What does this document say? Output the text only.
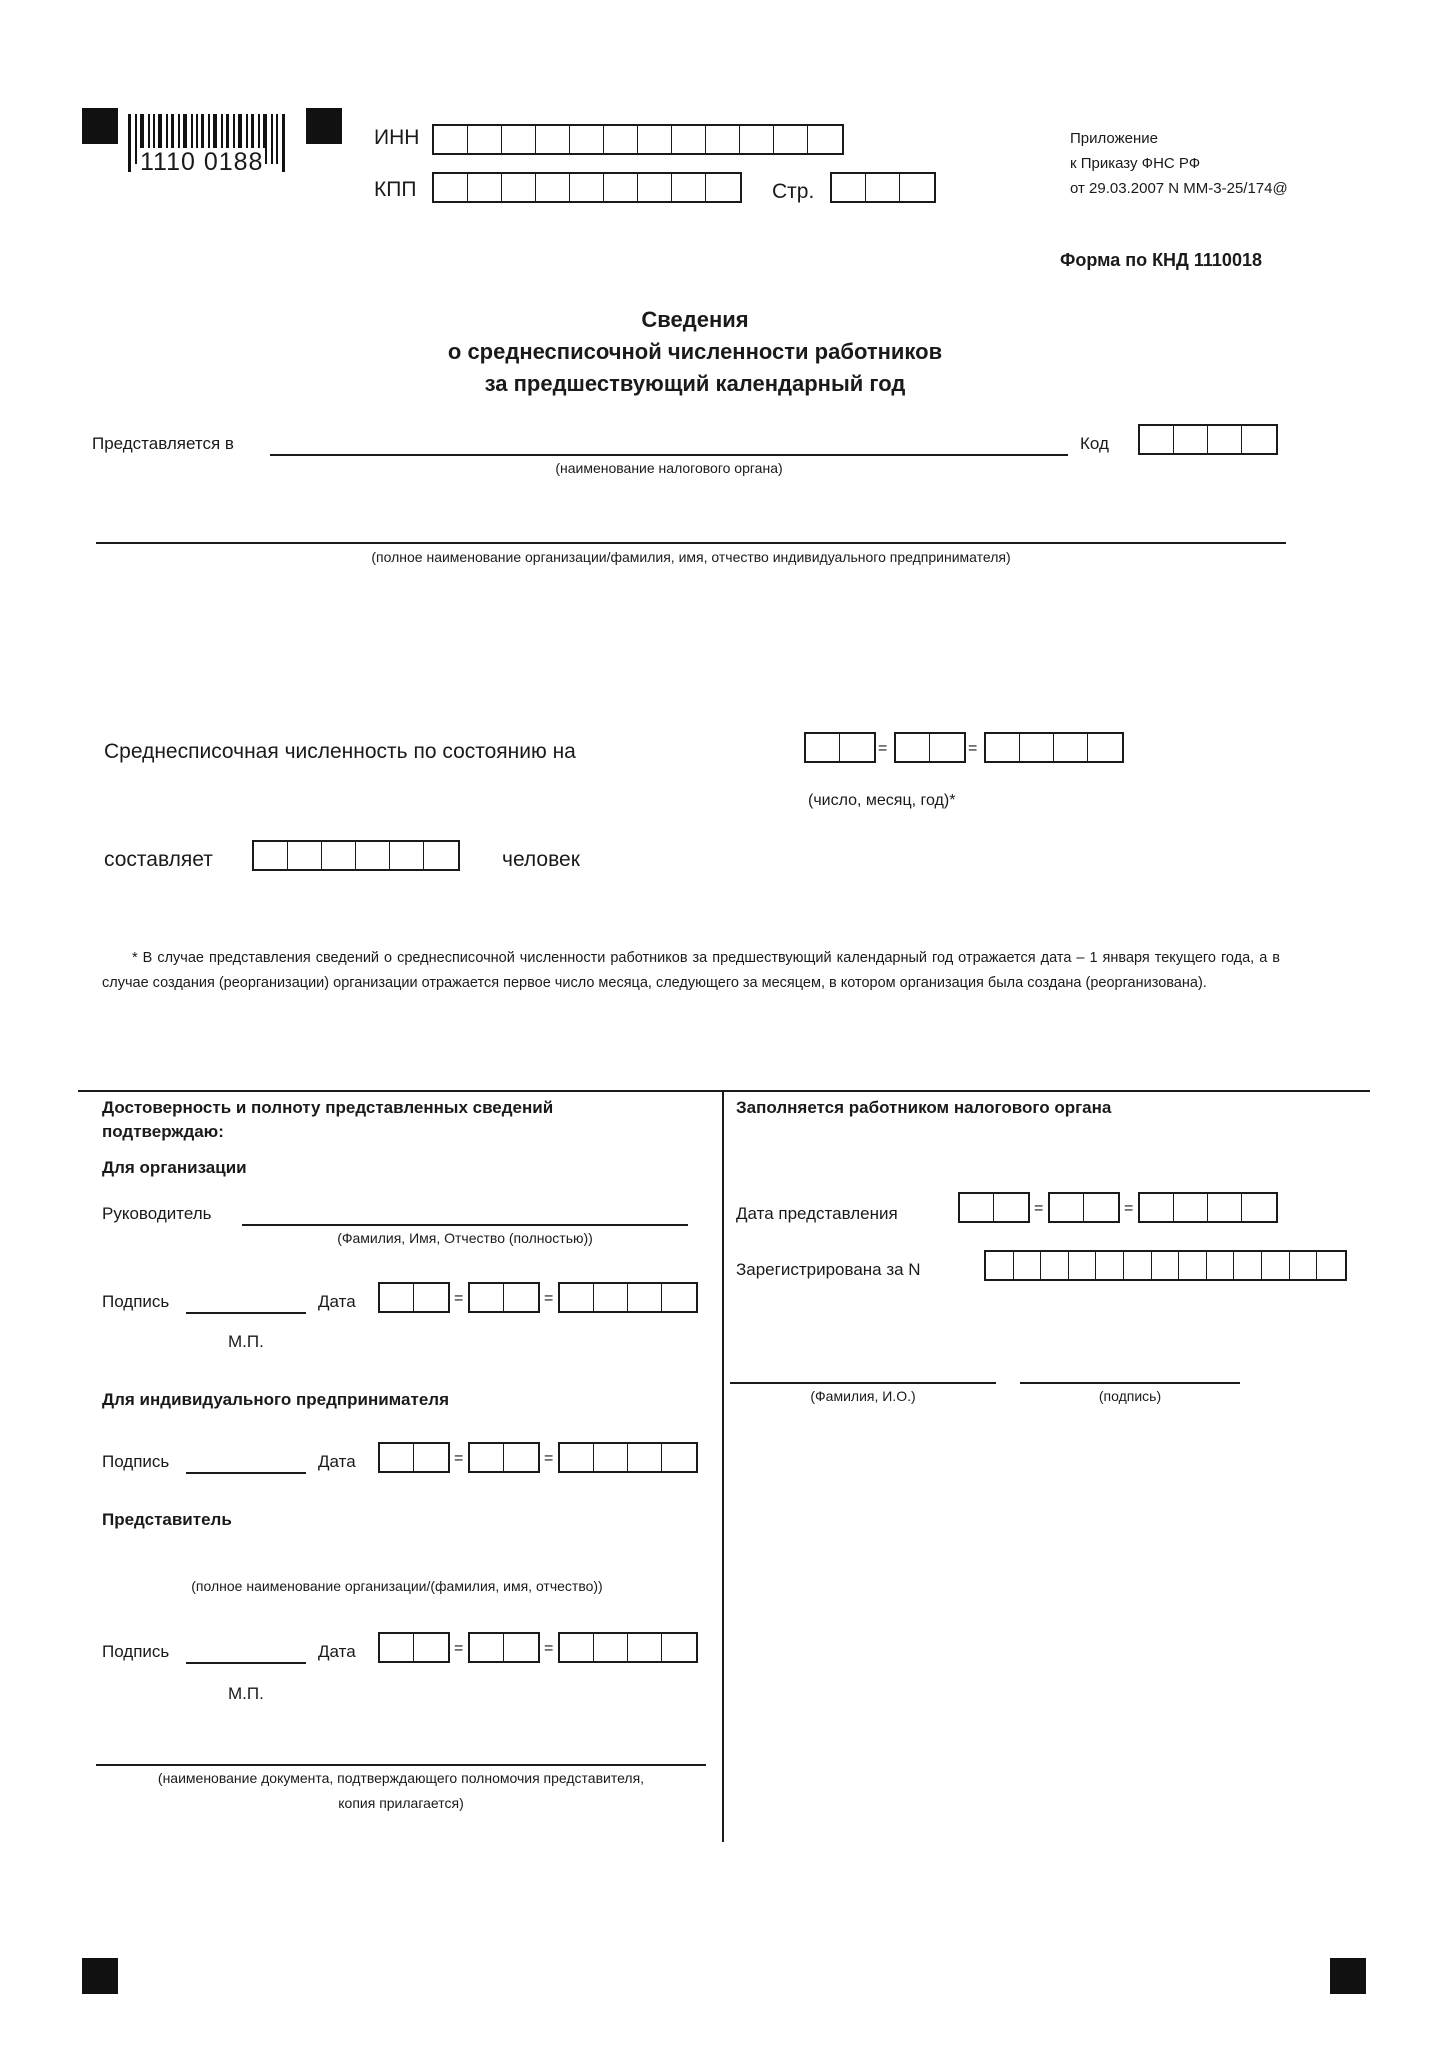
1110 0188
ИНН
КПП	Стр.
Приложение
к Приказу ФНС РФ
от 29.03.2007 N ММ-3-25/174@
Форма по КНД 1110018
Сведения
о среднесписочной численности работников
за предшествующий календарный год
Представляется в
(наименование налогового органа)
Код
(полное наименование организации/фамилия, имя, отчество индивидуального предпринимателя)
Среднесписочная численность по состоянию на	=	=
(число, месяц, год)*
составляет	человек
* В случае представления сведений о среднесписочной численности работников за предшествующий календарный год отражается дата – 1 января текущего года, а в случае создания (реорганизации) организации отражается первое число месяца, следующего за месяцем, в котором организация была создана (реорганизована).
Достоверность и полноту представленных сведений
подтверждаю:
Для организации
Руководитель
(Фамилия, Имя, Отчество (полностью))
Подпись	Дата	=	=
М.П.
Для индивидуального предпринимателя
Подпись	Дата	=	=
Представитель
(полное наименование организации/(фамилия, имя, отчество))
Подпись	Дата	=	=
М.П.
(наименование документа, подтверждающего полномочия представителя,
копия прилагается)
Заполняется работником налогового органа
Дата представления	=	=
Зарегистрирована за N
(Фамилия, И.О.)	(подпись)
